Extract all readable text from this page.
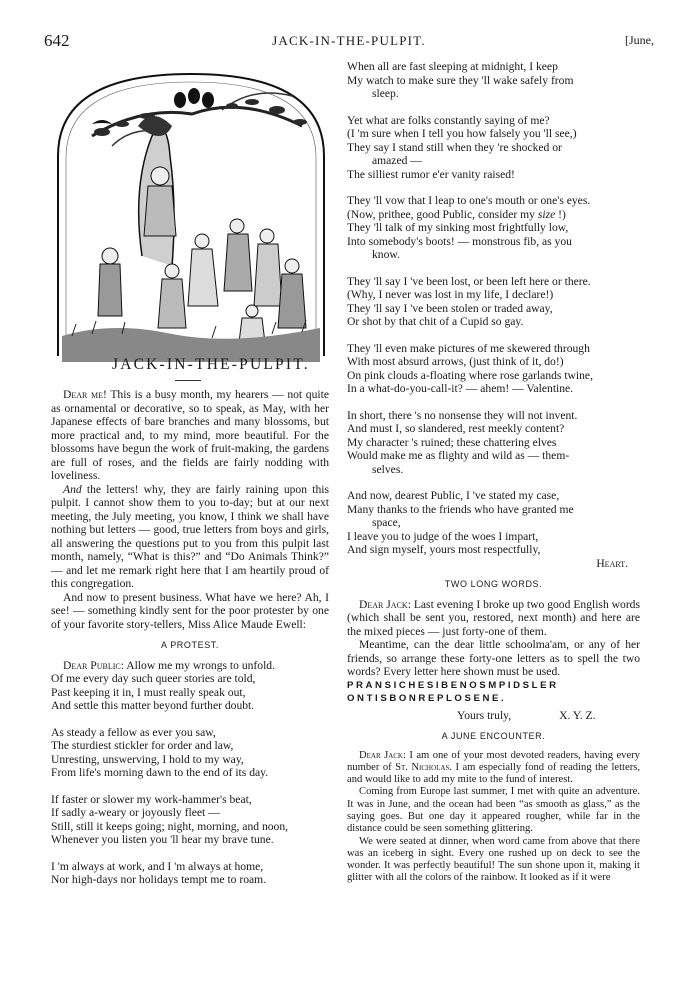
642	JACK-IN-THE-PULPIT.	[June,
JACK-IN-THE-PULPIT.

Dear me! This is a busy month, my hearers — not quite as ornamental or decorative, so to speak, as May, with her Japanese effects of bare branches and many blossoms, but more practical and, to my mind, more beautiful. For the blossoms have begun the work of fruit-making, the gardens are full of roses, and the fields are fairly nodding with loveliness.

And the letters! why, they are fairly raining upon this pulpit. I cannot show them to you to-day; but at our next meeting, the July meeting, you know, I think we shall have nothing but letters — good, true letters from boys and girls, all answering the questions put to you from this pulpit last month, namely, “What is this?” and “Do Animals Think?” — and let me remark right here that I am heartily proud of this congregation.

And now to present business. What have we here? Ah, I see! — something kindly sent for the poor protester by one of your favorite story-tellers, Miss Alice Maude Ewell:

A PROTEST.
Dear Public: Allow me my wrongs to unfold.
Of me every day such queer stories are told,
Past keeping it in, I must really speak out,
And settle this matter beyond further doubt.
As steady a fellow as ever you saw,
The sturdiest stickler for order and law,
Unresting, unswerving, I hold to my way,
From life's morning dawn to the end of its day.
If faster or slower my work-hammer's beat,
If sadly a-weary or joyously fleet —
Still, still it keeps going; night, morning, and noon,
Whenever you listen you 'll hear my brave tune.
I 'm always at work, and I 'm always at home,
Nor high-days nor holidays tempt me to roam.
When all are fast sleeping at midnight, I keep
My watch to make sure they 'll wake safely from
sleep.
Yet what are folks constantly saying of me?
(I 'm sure when I tell you how falsely you 'll see,)
They say I stand still when they 're shocked or
amazed —
The silliest rumor e'er vanity raised!
They 'll vow that I leap to one's mouth or one's eyes.
(Now, prithee, good Public, consider my size !)
They 'll talk of my sinking most frightfully low,
Into somebody's boots! — monstrous fib, as you
know.
They 'll say I 've been lost, or been left here or there.
(Why, I never was lost in my life, I declare!)
They 'll say I 've been stolen or traded away,
Or shot by that chit of a Cupid so gay.
They 'll even make pictures of me skewered through
With most absurd arrows, (just think of it, do!)
On pink clouds a-floating where rose garlands twine,
In a what-do-you-call-it? — ahem! — Valentine.
In short, there 's no nonsense they will not invent.
And must I, so slandered, rest meekly content?
My character 's ruined; these chattering elves
Would make me as flighty and wild as — them-
selves.
And now, dearest Public, I 've stated my case,
Many thanks to the friends who have granted me
space,
I leave you to judge of the woes I impart,
And sign myself, yours most respectfully,
Heart.
TWO LONG WORDS.

Dear Jack: Last evening I broke up two good English words (which shall be sent you, restored, next month) and here are the mixed pieces — just forty-one of them.

Meantime, can the dear little schoolma'am, or any of her friends, so arrange these forty-one letters as to spell the two words? Every letter here shown must be used.

PRANSICHESIBENOSMPIDSLER
ONTISBONREPLOSENE.
Yours truly,	X. Y. Z.
A JUNE ENCOUNTER.

Dear Jack: I am one of your most devoted readers, having every number of St. Nicholas. I am especially fond of reading the letters, and would like to add my mite to the fund of interest.

Coming from Europe last summer, I met with quite an adventure. It was in June, and the ocean had been “as smooth as glass,” as the saying goes. But one day it appeared rougher, while far in the distance could be seen something glittering.

We were seated at dinner, when word came from above that there was an iceberg in sight. Every one rushed up on deck to see the wonder. It was perfectly beautiful! The sun shone upon it, making it glitter with all the colors of the rainbow. It looked as if it were
